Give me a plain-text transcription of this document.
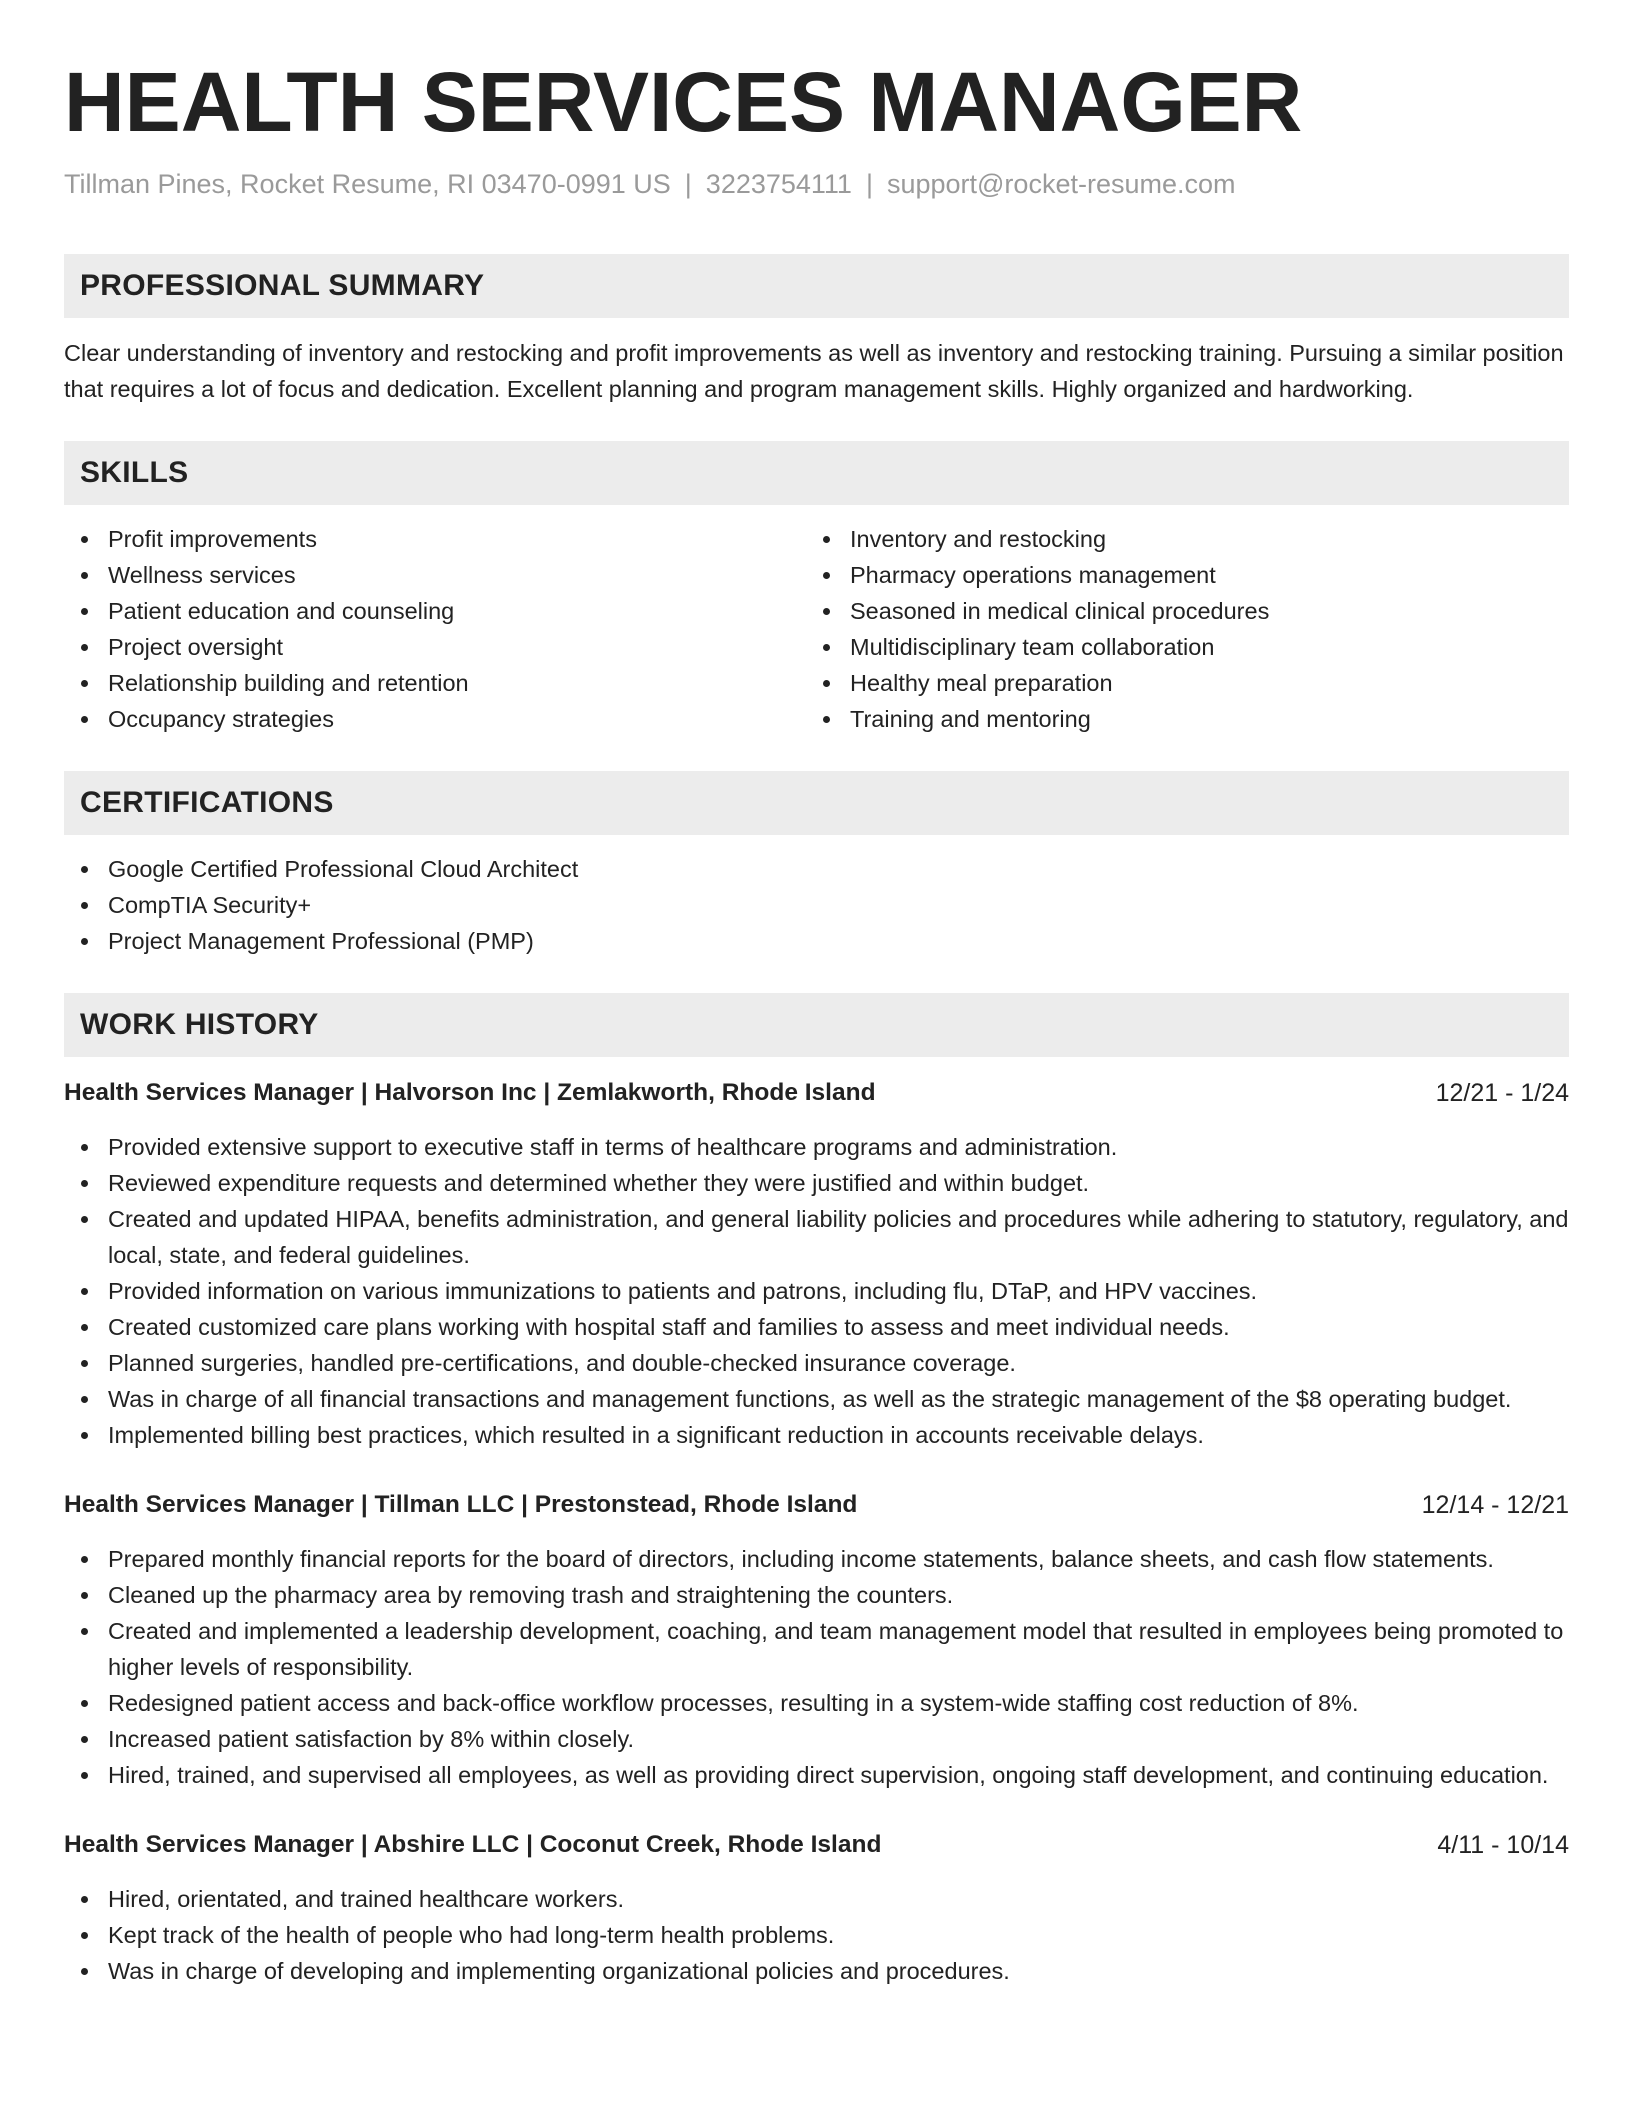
HEALTH SERVICES MANAGER
Tillman Pines, Rocket Resume, RI 03470-0991 US | 3223754111 | support@rocket-resume.com
PROFESSIONAL SUMMARY
Clear understanding of inventory and restocking and profit improvements as well as inventory and restocking training. Pursuing a similar position that requires a lot of focus and dedication. Excellent planning and program management skills. Highly organized and hardworking.
SKILLS
Profit improvements
Wellness services
Patient education and counseling
Project oversight
Relationship building and retention
Occupancy strategies
Inventory and restocking
Pharmacy operations management
Seasoned in medical clinical procedures
Multidisciplinary team collaboration
Healthy meal preparation
Training and mentoring
CERTIFICATIONS
Google Certified Professional Cloud Architect
CompTIA Security+
Project Management Professional (PMP)
WORK HISTORY
Health Services Manager | Halvorson Inc | Zemlakworth, Rhode Island	12/21 - 1/24
Provided extensive support to executive staff in terms of healthcare programs and administration.
Reviewed expenditure requests and determined whether they were justified and within budget.
Created and updated HIPAA, benefits administration, and general liability policies and procedures while adhering to statutory, regulatory, and local, state, and federal guidelines.
Provided information on various immunizations to patients and patrons, including flu, DTaP, and HPV vaccines.
Created customized care plans working with hospital staff and families to assess and meet individual needs.
Planned surgeries, handled pre-certifications, and double-checked insurance coverage.
Was in charge of all financial transactions and management functions, as well as the strategic management of the $8 operating budget.
Implemented billing best practices, which resulted in a significant reduction in accounts receivable delays.
Health Services Manager | Tillman LLC | Prestonstead, Rhode Island	12/14 - 12/21
Prepared monthly financial reports for the board of directors, including income statements, balance sheets, and cash flow statements.
Cleaned up the pharmacy area by removing trash and straightening the counters.
Created and implemented a leadership development, coaching, and team management model that resulted in employees being promoted to higher levels of responsibility.
Redesigned patient access and back-office workflow processes, resulting in a system-wide staffing cost reduction of 8%.
Increased patient satisfaction by 8% within closely.
Hired, trained, and supervised all employees, as well as providing direct supervision, ongoing staff development, and continuing education.
Health Services Manager | Abshire LLC | Coconut Creek, Rhode Island	4/11 - 10/14
Hired, orientated, and trained healthcare workers.
Kept track of the health of people who had long-term health problems.
Was in charge of developing and implementing organizational policies and procedures.
